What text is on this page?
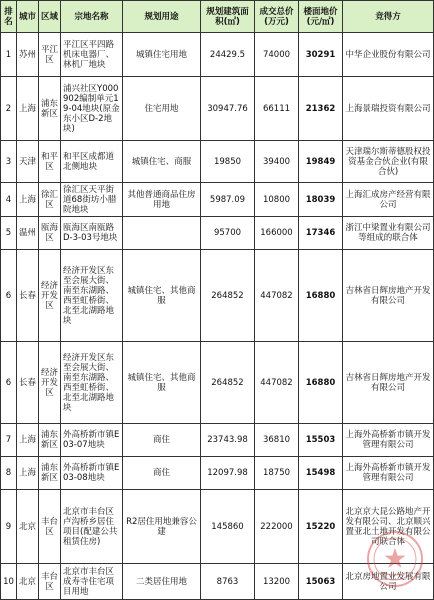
排名	城市	区域	宗地名称	规划用途	规划建筑面积(㎡)	成交总价(万元)	楼面地价(元/㎡)	竞得方
1	苏州	平江区	平江区平四路机床电器厂、林机厂地块	城镇住宅用地	24429.5	74000	30291	中华企业股份有限公司
2	上海	浦东新区	浦兴社区Y000902编制单元19-04地块(原金东小区D-2地块)	住宅用地	30947.76	66111	21362	上海景瑞投资有限公司
3	天津	和平区	和平区成都道北侧地块	城镇住宅、商服	19850	39400	19849	天津瑞尔斯蒂德股权投资基金合伙企业(有限合伙)
4	上海	徐汇区	徐汇区天平街道68街坊小腊院地块	其他普通商品住房用地	5987.09	10800	18039	上海汇成房产经营有限公司
5	温州	瓯海区	瓯海区南瓯路D-3-03号地块		95700	166000	17346	浙江中梁置业有限公司等组成的联合体
6	长春	经济开发区	经济开发区东至会展大街、南至东湖路、西至虹桥街、北至北湖路地块	城镇住宅、其他商服	264852	447082	16880	吉林省日辉房地产开发有限公司
6	长春	经济开发区	经济开发区东至会展大街、南至东湖路、西至虹桥街、北至北湖路地块	城镇住宅、其他商服	264852	447082	16880	吉林省日辉房地产开发有限公司
7	上海	浦东新区	外高桥新市镇E03-07地块	商住	23743.98	36810	15503	上海外高桥新市镇开发管理有限公司
8	上海	浦东新区	外高桥新市镇E03-08地块	商住	12097.98	18750	15498	上海外高桥新市镇开发管理有限公司
9	北京	丰台区	北京市丰台区卢沟桥乡居住项目(配建公共租赁住房)	R2居住用地兼容公建	145860	222000	15220	北京京大昆公路地产开发有限公司、北京顺兴置亚北土地开发有限公司联合体
10	北京	丰台区	北京市丰台区成寿寺住宅项目用地	二类居住用地	8763	13200	15063	北京房地置业发展有限公司
